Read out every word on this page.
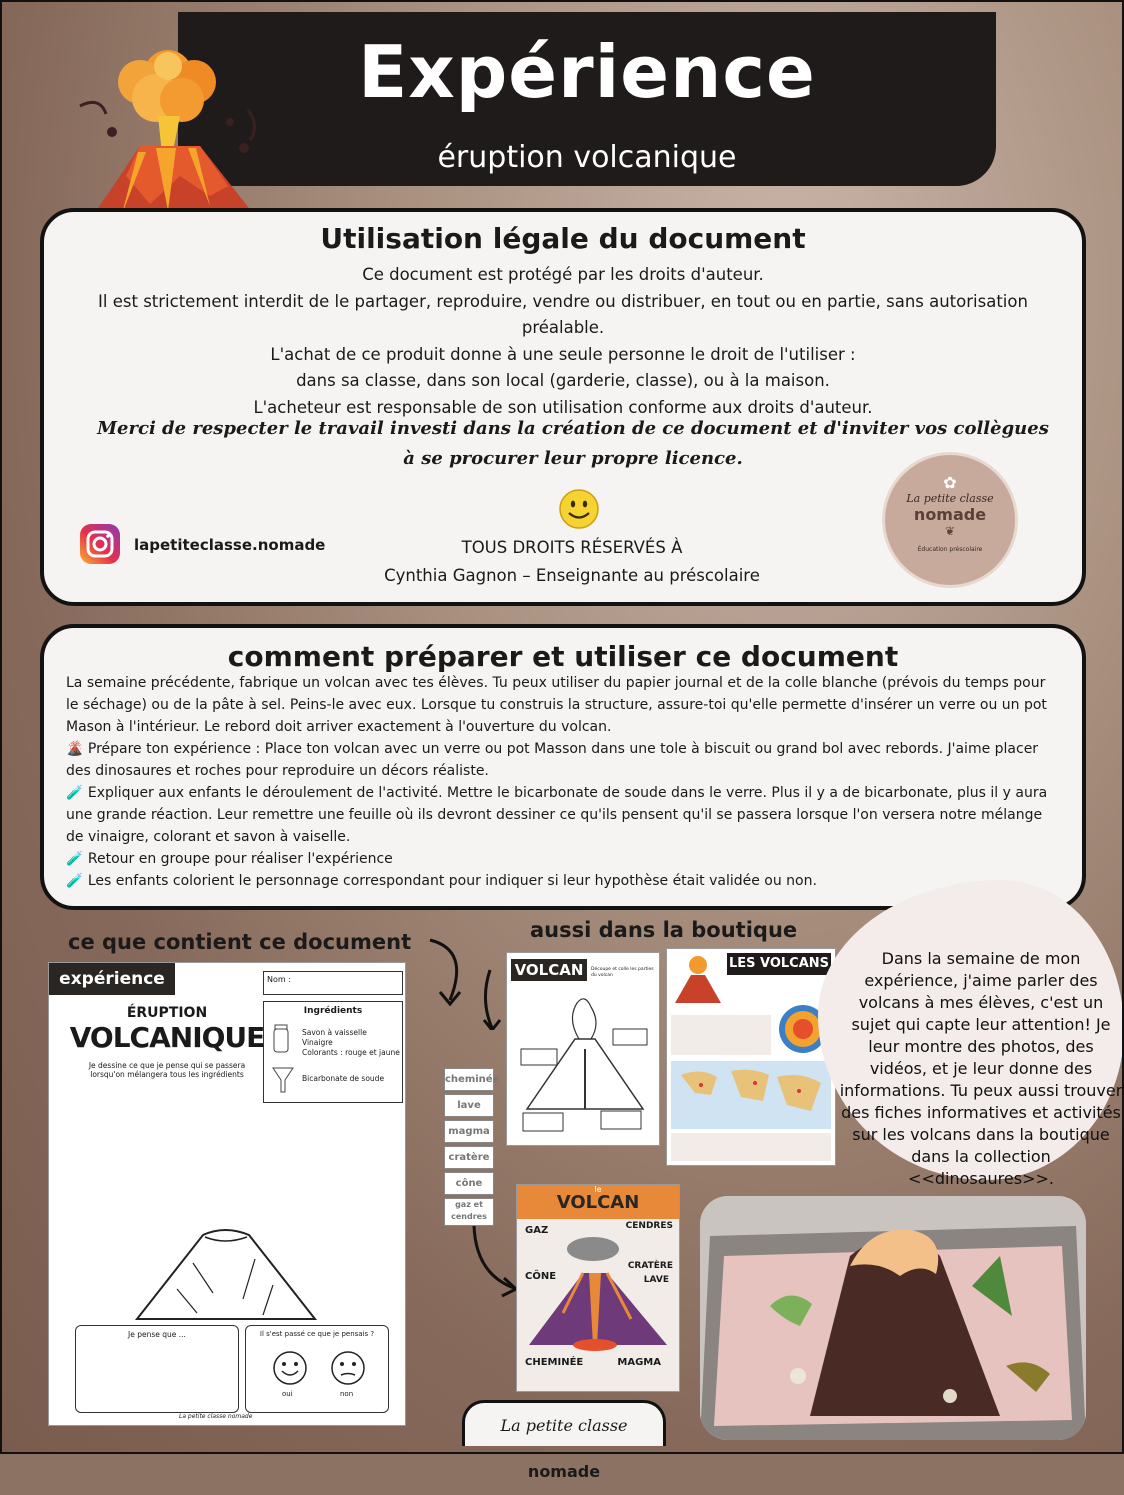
Expérience
éruption volcanique
Utilisation légale du document
Ce document est protégé par les droits d'auteur.
Il est strictement interdit de le partager, reproduire, vendre ou distribuer, en tout ou en partie, sans autorisation préalable.
L'achat de ce produit donne à une seule personne le droit de l'utiliser :
dans sa classe, dans son local (garderie, classe), ou à la maison.
L'acheteur est responsable de son utilisation conforme aux droits d'auteur.
Merci de respecter le travail investi dans la création de ce document et d'inviter vos collègues
à se procurer leur propre licence.
lapetiteclasse.nomade	TOUS DROITS RÉSERVÉS À
Cynthia Gagnon – Enseignante au préscolaire
✿
La petite classe
nomade
❦
Éducation préscolaire
comment préparer et utiliser ce document

La semaine précédente, fabrique un volcan avec tes élèves. Tu peux utiliser du papier journal et de la colle blanche (prévois du temps pour le séchage) ou de la pâte à sel. Peins-le avec eux. Lorsque tu construis la structure, assure-toi qu'elle permette d'insérer un verre ou un pot Mason à l'intérieur. Le rebord doit arriver exactement à l'ouverture du volcan.

🌋 Prépare ton expérience : Place ton volcan avec un verre ou pot Masson dans une tole à biscuit ou grand bol avec rebords. J'aime placer des dinosaures et roches pour reproduire un décors réaliste.

🧪 Expliquer aux enfants le déroulement de l'activité. Mettre le bicarbonate de soude dans le verre. Plus il y a de bicarbonate, plus il y aura une grande réaction. Leur remettre une feuille où ils devront dessiner ce qu'ils pensent qu'il se passera lorsque l'on versera notre mélange de vinaigre, colorant et savon à vaiselle.

🧪 Retour en groupe pour réaliser l'expérience

🧪 Les enfants colorient le personnage correspondant pour indiquer si leur hypothèse était validée ou non.

ce que contient ce document	aussi dans la boutique
expérience
ÉRUPTION
VOLCANIQUE
Je dessine ce que je pense qui se passera lorsqu'on mélangera tous les ingrédients
Nom :
Ingrédients
Savon à vaisselle
Vinaigre
Colorants : rouge et jaune
Bicarbonate de soude
Je pense que ...	Il s'est passé ce que je pensais ?
oui	non
La petite classe nomade
cheminée
lave
magma
cratère
cône
gaz et cendres
VOLCAN	Découpe et colle les parties du volcan
LES VOLCANS
le
VOLCAN
GAZ	CENDRES
CRATÈRE
CÔNE	LAVE
CHEMINÉE	MAGMA
Dans la semaine de mon expérience, j'aime parler des volcans à mes élèves, c'est un sujet qui capte leur attention! Je leur montre des photos, des vidéos, et je leur donne des informations. Tu peux aussi trouver des fiches informatives et activités sur les volcans dans la boutique dans la collection <<dinosaures>>.
La petite classe nomade
